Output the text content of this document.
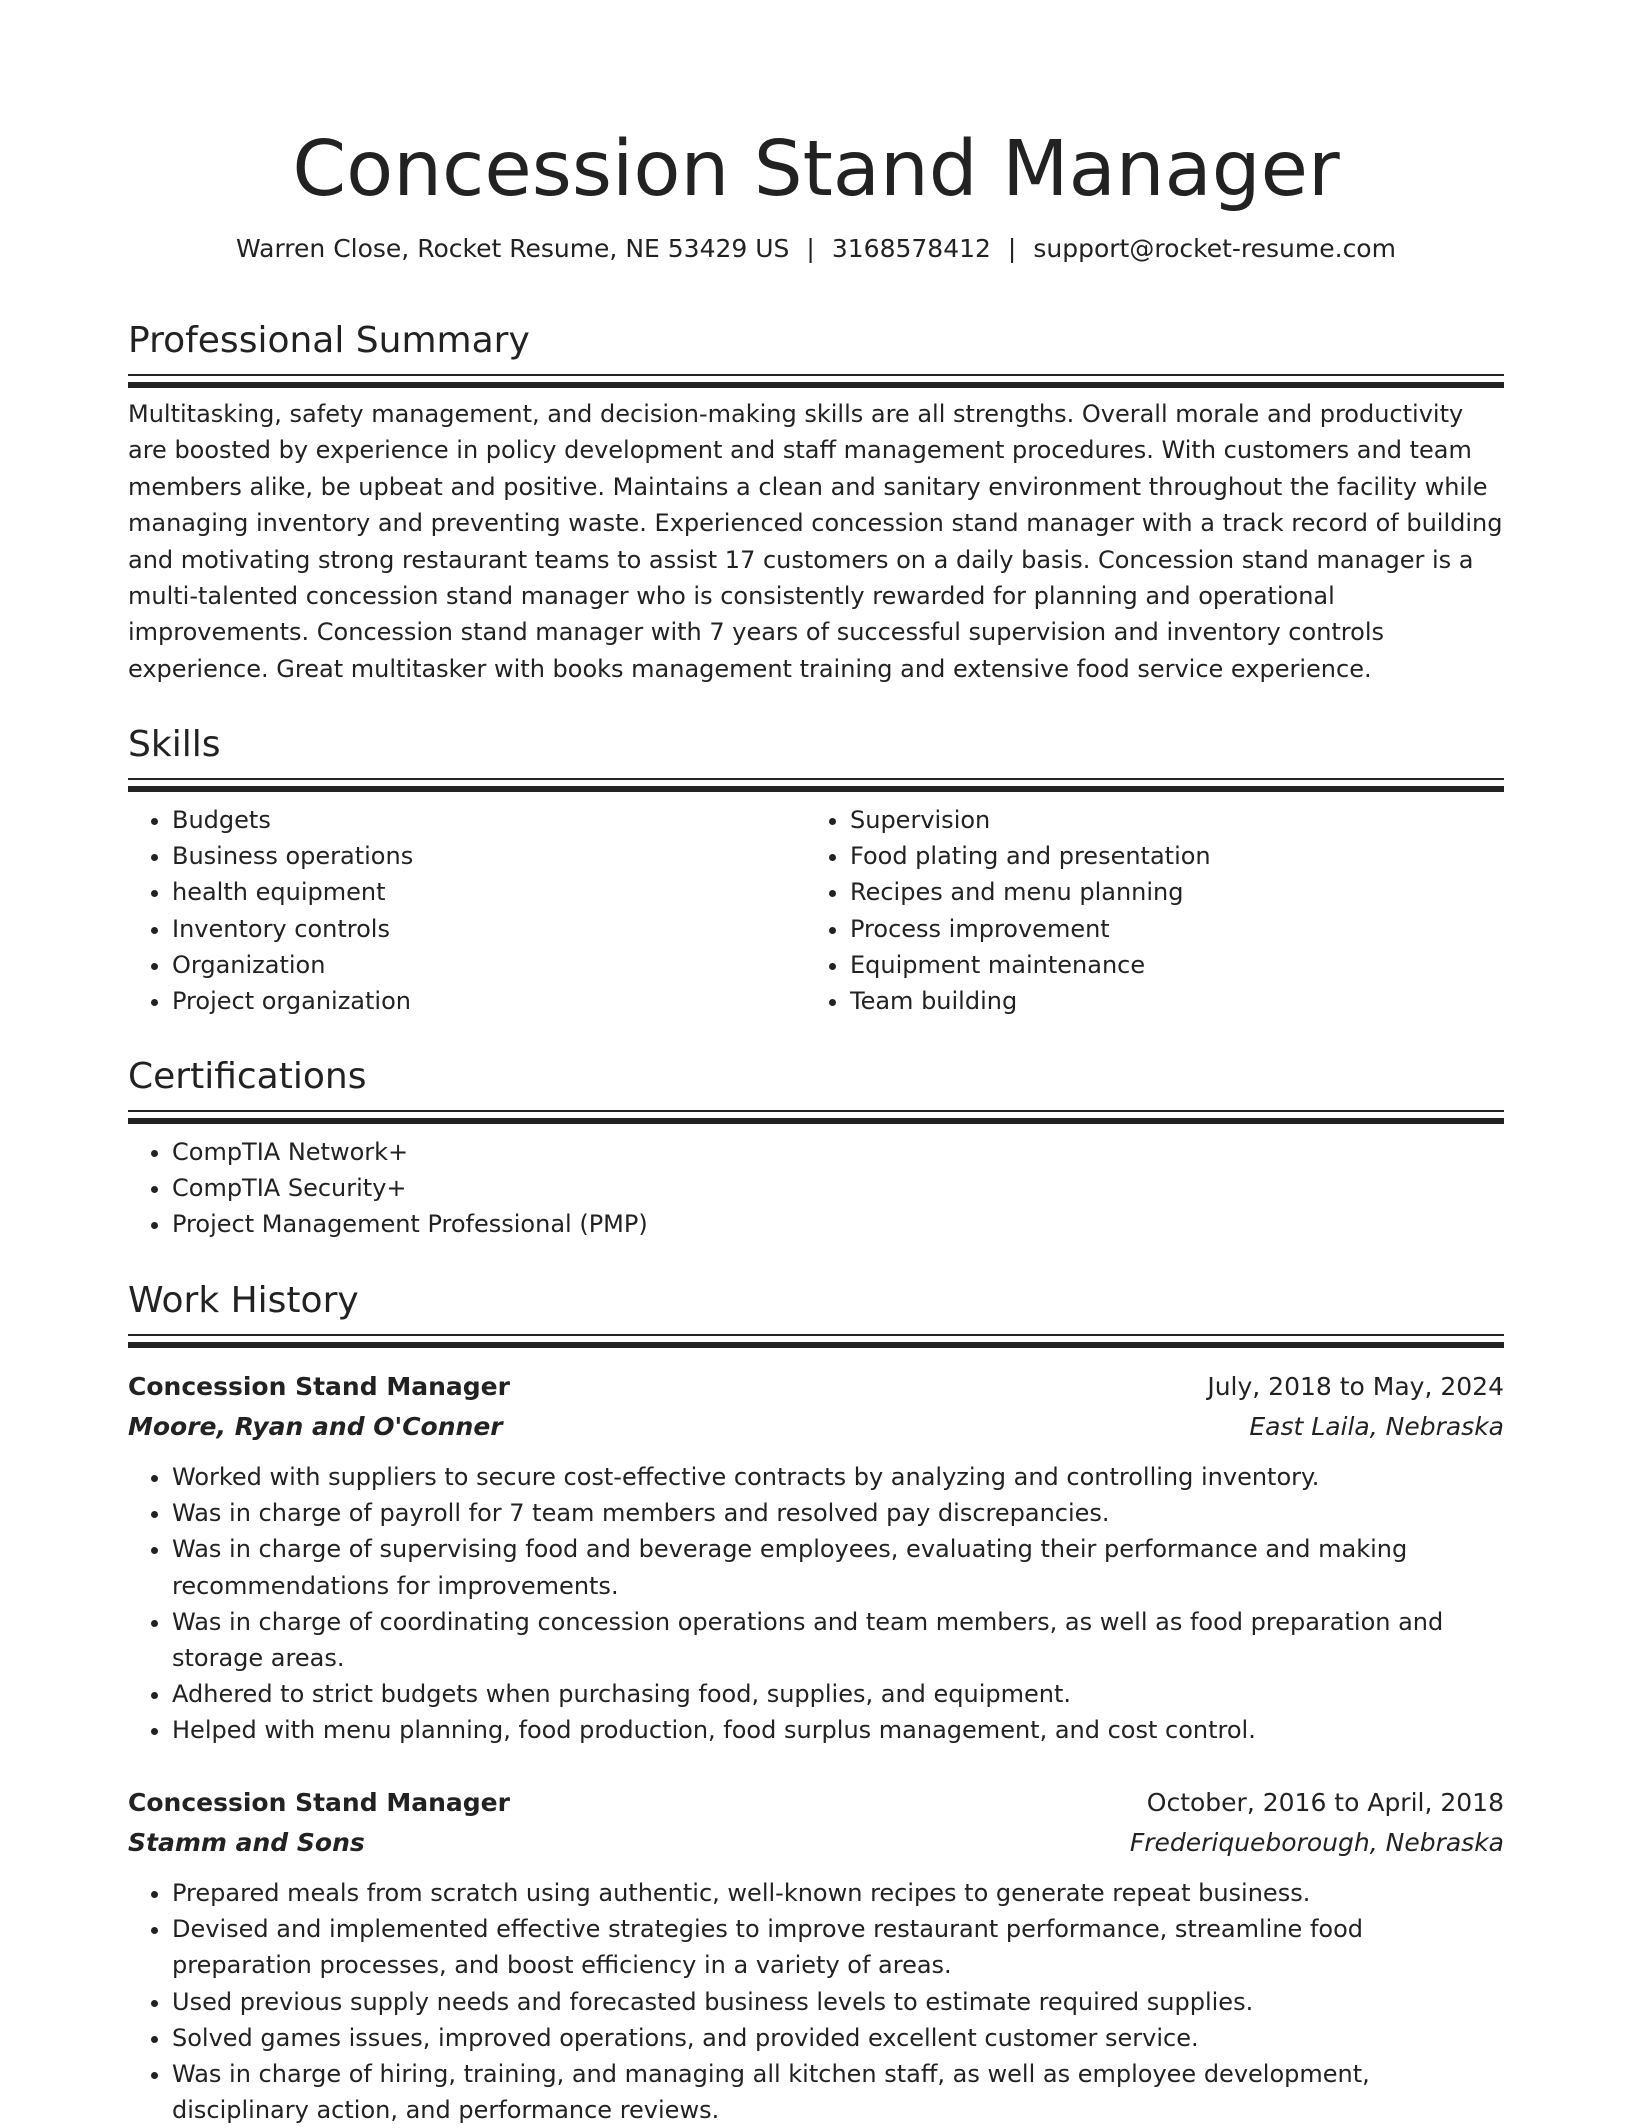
Concession Stand Manager
Warren Close, Rocket Resume, NE 53429 US | 3168578412 | support@rocket-resume.com
Professional Summary
Multitasking, safety management, and decision-making skills are all strengths. Overall morale and productivity are boosted by experience in policy development and staff management procedures. With customers and team members alike, be upbeat and positive. Maintains a clean and sanitary environment throughout the facility while managing inventory and preventing waste. Experienced concession stand manager with a track record of building and motivating strong restaurant teams to assist 17 customers on a daily basis. Concession stand manager is a multi-talented concession stand manager who is consistently rewarded for planning and operational improvements. Concession stand manager with 7 years of successful supervision and inventory controls experience. Great multitasker with books management training and extensive food service experience.
Skills
• Budgets
• Business operations
• health equipment
• Inventory controls
• Organization
• Project organization
• Supervision
• Food plating and presentation
• Recipes and menu planning
• Process improvement
• Equipment maintenance
• Team building
Certifications
• CompTIA Network+
• CompTIA Security+
• Project Management Professional (PMP)
Work History
Concession Stand Manager	July, 2018 to May, 2024
Moore, Ryan and O'Conner	East Laila, Nebraska
• Worked with suppliers to secure cost-effective contracts by analyzing and controlling inventory.
• Was in charge of payroll for 7 team members and resolved pay discrepancies.
• Was in charge of supervising food and beverage employees, evaluating their performance and making recommendations for improvements.
• Was in charge of coordinating concession operations and team members, as well as food preparation and storage areas.
• Adhered to strict budgets when purchasing food, supplies, and equipment.
• Helped with menu planning, food production, food surplus management, and cost control.
Concession Stand Manager	October, 2016 to April, 2018
Stamm and Sons	Frederiqueborough, Nebraska
• Prepared meals from scratch using authentic, well-known recipes to generate repeat business.
• Devised and implemented effective strategies to improve restaurant performance, streamline food preparation processes, and boost efficiency in a variety of areas.
• Used previous supply needs and forecasted business levels to estimate required supplies.
• Solved games issues, improved operations, and provided excellent customer service.
• Was in charge of hiring, training, and managing all kitchen staff, as well as employee development, disciplinary action, and performance reviews.
